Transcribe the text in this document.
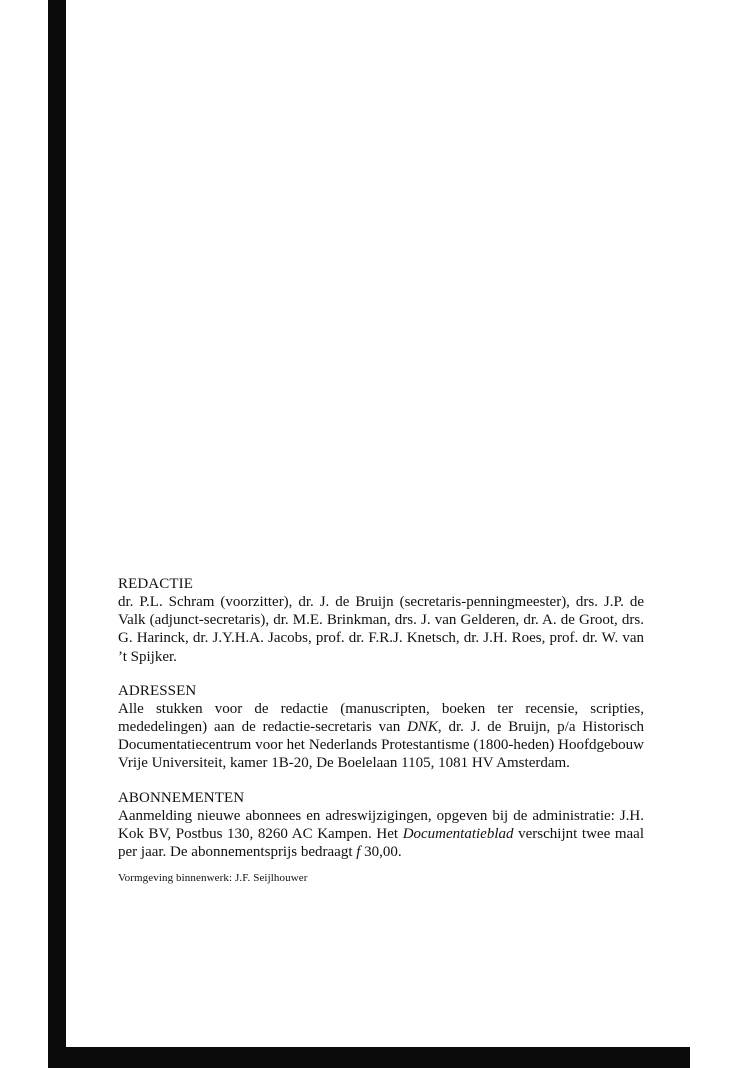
REDACTIE

dr. P.L. Schram (voorzitter), dr. J. de Bruijn (secretaris-penningmeester), drs. J.P. de Valk (adjunct-secretaris), dr. M.E. Brinkman, drs. J. van Gelderen, dr. A. de Groot, drs. G. Harinck, dr. J.Y.H.A. Jacobs, prof. dr. F.R.J. Knetsch, dr. J.H. Roes, prof. dr. W. van ’t Spijker.

ADRESSEN

Alle stukken voor de redactie (manuscripten, boeken ter recensie, scripties, mededelingen) aan de redactie-secretaris van DNK, dr. J. de Bruijn, p/a Historisch Documentatiecentrum voor het Nederlands Protestantisme (1800-heden) Hoofdgebouw Vrije Universiteit, kamer 1B-20, De Boelelaan 1105, 1081 HV Amsterdam.

ABONNEMENTEN

Aanmelding nieuwe abonnees en adreswijzigingen, opgeven bij de administratie: J.H. Kok BV, Postbus 130, 8260 AC Kampen. Het Documentatieblad verschijnt twee maal per jaar. De abonnementsprijs bedraagt f 30,00.

Vormgeving binnenwerk: J.F. Seijlhouwer
